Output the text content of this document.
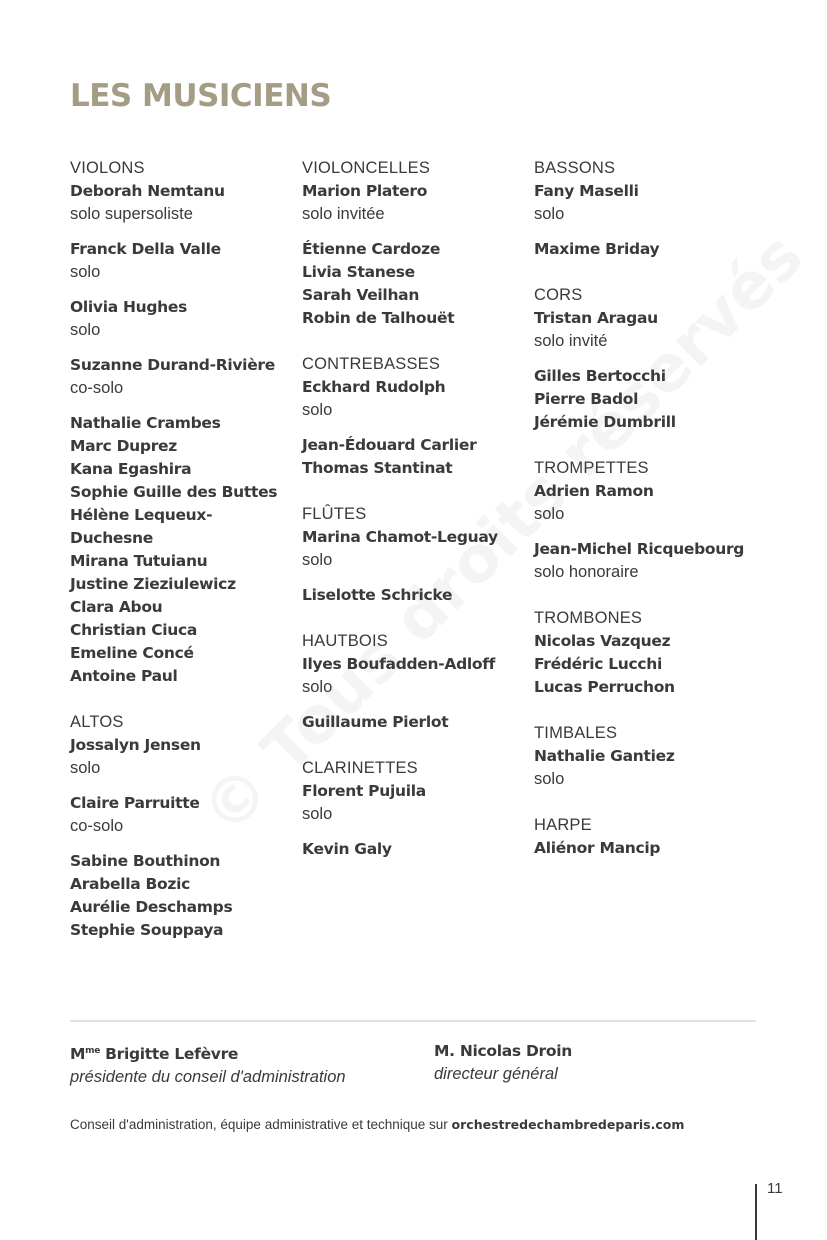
LES MUSICIENS
VIOLONS
Deborah Nemtanu
solo supersoliste
Franck Della Valle
solo
Olivia Hughes
solo
Suzanne Durand-Rivière
co-solo
Nathalie Crambes
Marc Duprez
Kana Egashira
Sophie Guille des Buttes
Hélène Lequeux-Duchesne
Mirana Tutuianu
Justine Zieziulewicz
Clara Abou
Christian Ciuca
Emeline Concé
Antoine Paul
ALTOS
Jossalyn Jensen
solo
Claire Parruitte
co-solo
Sabine Bouthinon
Arabella Bozic
Aurélie Deschamps
Stephie Souppaya
VIOLONCELLES
Marion Platero
solo invitée
Étienne Cardoze
Livia Stanese
Sarah Veilhan
Robin de Talhouët
CONTREBASSES
Eckhard Rudolph
solo
Jean-Édouard Carlier
Thomas Stantinat
FLÛTES
Marina Chamot-Leguay
solo
Liselotte Schricke
HAUTBOIS
Ilyes Boufadden-Adloff
solo
Guillaume Pierlot
CLARINETTES
Florent Pujuila
solo
Kevin Galy
BASSONS
Fany Maselli
solo
Maxime Briday
CORS
Tristan Aragau
solo invité
Gilles Bertocchi
Pierre Badol
Jérémie Dumbrill
TROMPETTES
Adrien Ramon
solo
Jean-Michel Ricquebourg
solo honoraire
TROMBONES
Nicolas Vazquez
Frédéric Lucchi
Lucas Perruchon
TIMBALES
Nathalie Gantiez
solo
HARPE
Aliénor Mancip
$M^{me}$ Brigitte Lefèvre
présidente du conseil d'administration
M. Nicolas Droin
directeur général
Conseil d'administration, équipe administrative et technique sur orchestredechambredeparis.com
11
